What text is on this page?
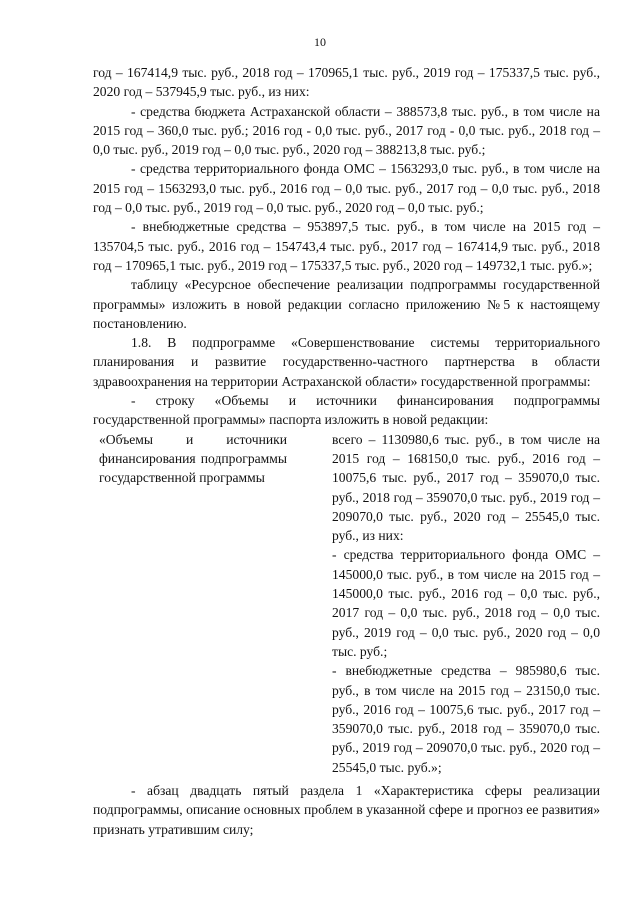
10

год – 167414,9 тыс. руб., 2018 год – 170965,1 тыс. руб., 2019 год – 175337,5 тыс. руб., 2020 год – 537945,9 тыс. руб., из них:

- средства бюджета Астраханской области – 388573,8 тыс. руб., в том числе на 2015 год – 360,0 тыс. руб.; 2016 год - 0,0 тыс. руб., 2017 год - 0,0 тыс. руб., 2018 год – 0,0 тыс. руб., 2019 год – 0,0 тыс. руб., 2020 год – 388213,8 тыс. руб.;

- средства территориального фонда ОМС – 1563293,0 тыс. руб., в том числе на 2015 год – 1563293,0 тыс. руб., 2016 год – 0,0 тыс. руб., 2017 год – 0,0 тыс. руб., 2018 год – 0,0 тыс. руб., 2019 год – 0,0 тыс. руб., 2020 год – 0,0 тыс. руб.;

- внебюджетные средства – 953897,5 тыс. руб., в том числе на 2015 год – 135704,5 тыс. руб., 2016 год – 154743,4 тыс. руб., 2017 год – 167414,9 тыс. руб., 2018 год – 170965,1 тыс. руб., 2019 год – 175337,5 тыс. руб., 2020 год – 149732,1 тыс. руб.»;

таблицу «Ресурсное обеспечение реализации подпрограммы государственной программы» изложить в новой редакции согласно приложению №5 к настоящему постановлению.

1.8. В подпрограмме «Совершенствование системы территориального планирования и развитие государственно-частного партнерства в области здравоохранения на территории Астраханской области» государственной программы:

- строку «Объемы и источники финансирования подпрограммы государственной программы» паспорта изложить в новой редакции:

«Объемы и источники финансирования подпрограммы государственной программы

всего – 1130980,6 тыс. руб., в том числе на 2015 год – 168150,0 тыс. руб., 2016 год – 10075,6 тыс. руб., 2017 год – 359070,0 тыс. руб., 2018 год – 359070,0 тыс. руб., 2019 год – 209070,0 тыс. руб., 2020 год – 25545,0 тыс. руб., из них:

- средства территориального фонда ОМС – 145000,0 тыс. руб., в том числе на 2015 год – 145000,0 тыс. руб., 2016 год – 0,0 тыс. руб., 2017 год – 0,0 тыс. руб., 2018 год – 0,0 тыс. руб., 2019 год – 0,0 тыс. руб., 2020 год – 0,0 тыс. руб.;

- внебюджетные средства – 985980,6 тыс. руб., в том числе на 2015 год – 23150,0 тыс. руб., 2016 год – 10075,6 тыс. руб., 2017 год – 359070,0 тыс. руб., 2018 год – 359070,0 тыс. руб., 2019 год – 209070,0 тыс. руб., 2020 год – 25545,0 тыс. руб.»;

- абзац двадцать пятый раздела 1 «Характеристика сферы реализации подпрограммы, описание основных проблем в указанной сфере и прогноз ее развития» признать утратившим силу;
